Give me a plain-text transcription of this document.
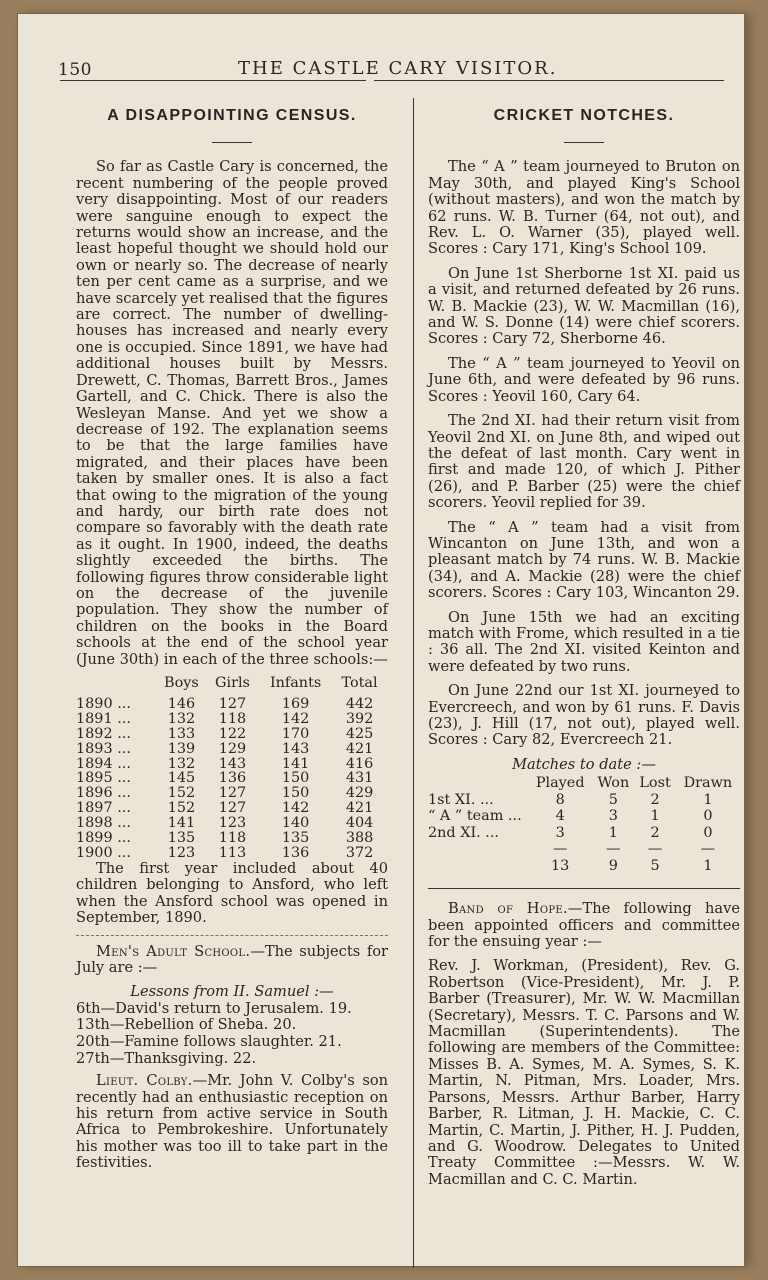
150	THE CASTLE CARY VISITOR.
A DISAPPOINTING CENSUS.

So far as Castle Cary is concerned, the recent numbering of the people proved very disappointing. Most of our readers were sanguine enough to expect the returns would show an increase, and the least hopeful thought we should hold our own or nearly so. The decrease of nearly ten per cent came as a surprise, and we have scarcely yet realised that the figures are correct. The number of dwelling-houses has increased and nearly every one is occupied. Since 1891, we have had additional houses built by Messrs. Drewett, C. Thomas, Barrett Bros., James Gartell, and C. Chick. There is also the Wesleyan Manse. And yet we show a decrease of 192. The explanation seems to be that the large families have migrated, and their places have been taken by smaller ones. It is also a fact that owing to the migration of the young and hardy, our birth rate does not compare so favorably with the death rate as it ought. In 1900, indeed, the deaths slightly exceeded the births. The following figures throw considerable light on the decrease of the juvenile population. They show the number of children on the books in the Board schools at the end of the school year (June 30th) in each of the three schools:—

	Boys	Girls	Infants	Total
1890 ...	146	127	169	442
1891 ...	132	118	142	392
1892 ...	133	122	170	425
1893 ...	139	129	143	421
1894 ...	132	143	141	416
1895 ...	145	136	150	431
1896 ...	152	127	150	429
1897 ...	152	127	142	421
1898 ...	141	123	140	404
1899 ...	135	118	135	388
1900 ...	123	113	136	372

The first year included about 40 children belonging to Ansford, who left when the Ansford school was opened in September, 1890.

Men's Adult School.—The subjects for July are :—

Lessons from II. Samuel :—
6th—David's return to Jerusalem. 19.
13th—Rebellion of Sheba. 20.
20th—Famine follows slaughter. 21.
27th—Thanksgiving. 22.

Lieut. Colby.—Mr. John V. Colby's son recently had an enthusiastic reception on his return from active service in South Africa to Pembrokeshire. Unfortunately his mother was too ill to take part in the festivities.

CRICKET NOTCHES.

The “ A ” team journeyed to Bruton on May 30th, and played King's School (without masters), and won the match by 62 runs. W. B. Turner (64, not out), and Rev. L. O. Warner (35), played well. Scores : Cary 171, King's School 109.

On June 1st Sherborne 1st XI. paid us a visit, and returned defeated by 26 runs. W. B. Mackie (23), W. W. Macmillan (16), and W. S. Donne (14) were chief scorers. Scores : Cary 72, Sherborne 46.

The “ A ” team journeyed to Yeovil on June 6th, and were defeated by 96 runs. Scores : Yeovil 160, Cary 64.

The 2nd XI. had their return visit from Yeovil 2nd XI. on June 8th, and wiped out the defeat of last month. Cary went in first and made 120, of which J. Pither (26), and P. Barber (25) were the chief scorers. Yeovil replied for 39.

The “ A ” team had a visit from Wincanton on June 13th, and won a pleasant match by 74 runs. W. B. Mackie (34), and A. Mackie (28) were the chief scorers. Scores : Cary 103, Wincanton 29.

On June 15th we had an exciting match with Frome, which resulted in a tie : 36 all. The 2nd XI. visited Keinton and were defeated by two runs.

On June 22nd our 1st XI. journeyed to Evercreech, and won by 61 runs. F. Davis (23), J. Hill (17, not out), played well. Scores : Cary 82, Evercreech 21.

Matches to date :—
	Played	Won	Lost	Drawn
1st XI. ...	8	5	2	1
“ A ” team ...	4	3	1	0
2nd XI. ...	3	1	2	0
	—	—	—	—
	13	9	5	1

Band of Hope.—The following have been appointed officers and committee for the ensuing year :—

Rev. J. Workman, (President), Rev. G. Robertson (Vice-President), Mr. J. P. Barber (Treasurer), Mr. W. W. Macmillan (Secretary), Messrs. T. C. Parsons and W. Macmillan (Superintendents). The following are members of the Committee: Misses B. A. Symes, M. A. Symes, S. K. Martin, N. Pitman, Mrs. Loader, Mrs. Parsons, Messrs. Arthur Barber, Harry Barber, R. Litman, J. H. Mackie, C. C. Martin, C. Martin, J. Pither, H. J. Pudden, and G. Woodrow. Delegates to United Treaty Committee :—Messrs. W. W. Macmillan and C. C. Martin.
